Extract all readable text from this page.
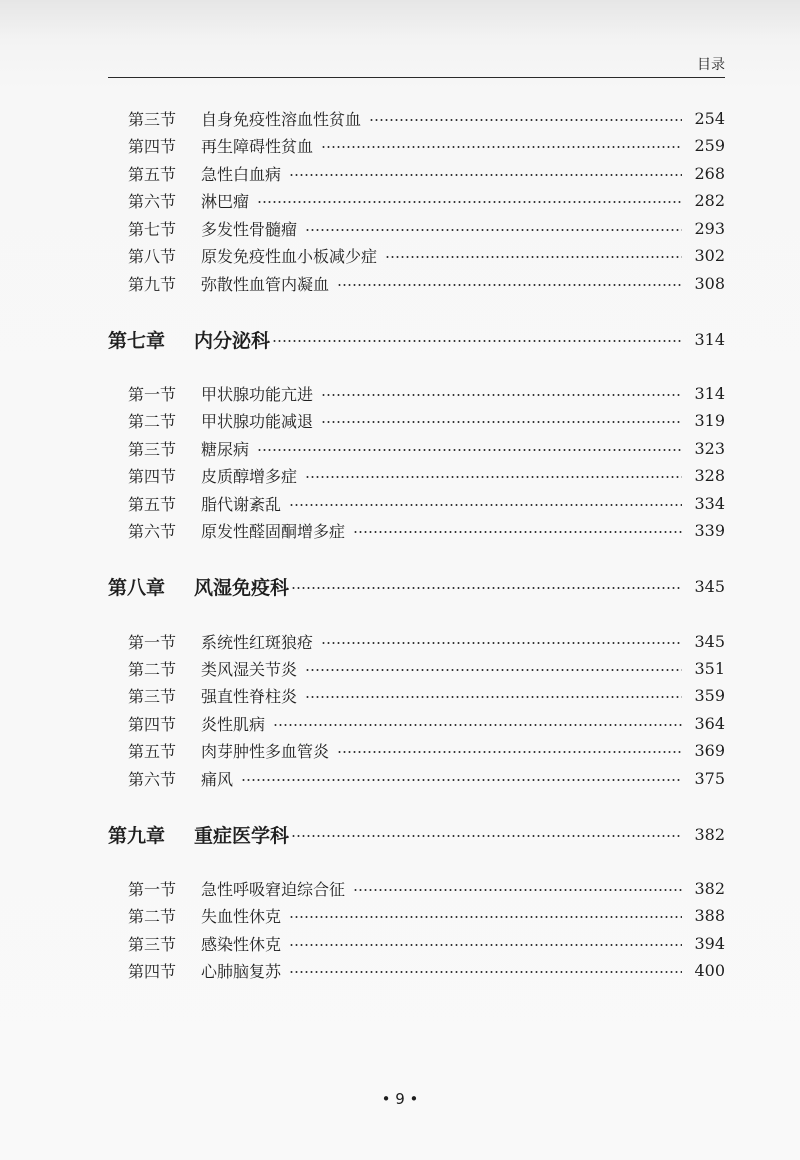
目录
第三节	自身免疫性溶血性贫血	254
第四节	再生障碍性贫血	259
第五节	急性白血病	268
第六节	淋巴瘤	282
第七节	多发性骨髓瘤	293
第八节	原发免疫性血小板减少症	302
第九节	弥散性血管内凝血	308
第七章	内分泌科	314
第一节	甲状腺功能亢进	314
第二节	甲状腺功能减退	319
第三节	糖尿病	323
第四节	皮质醇增多症	328
第五节	脂代谢紊乱	334
第六节	原发性醛固酮增多症	339
第八章	风湿免疫科	345
第一节	系统性红斑狼疮	345
第二节	类风湿关节炎	351
第三节	强直性脊柱炎	359
第四节	炎性肌病	364
第五节	肉芽肿性多血管炎	369
第六节	痛风	375
第九章	重症医学科	382
第一节	急性呼吸窘迫综合征	382
第二节	失血性休克	388
第三节	感染性休克	394
第四节	心肺脑复苏	400
• 9 •
